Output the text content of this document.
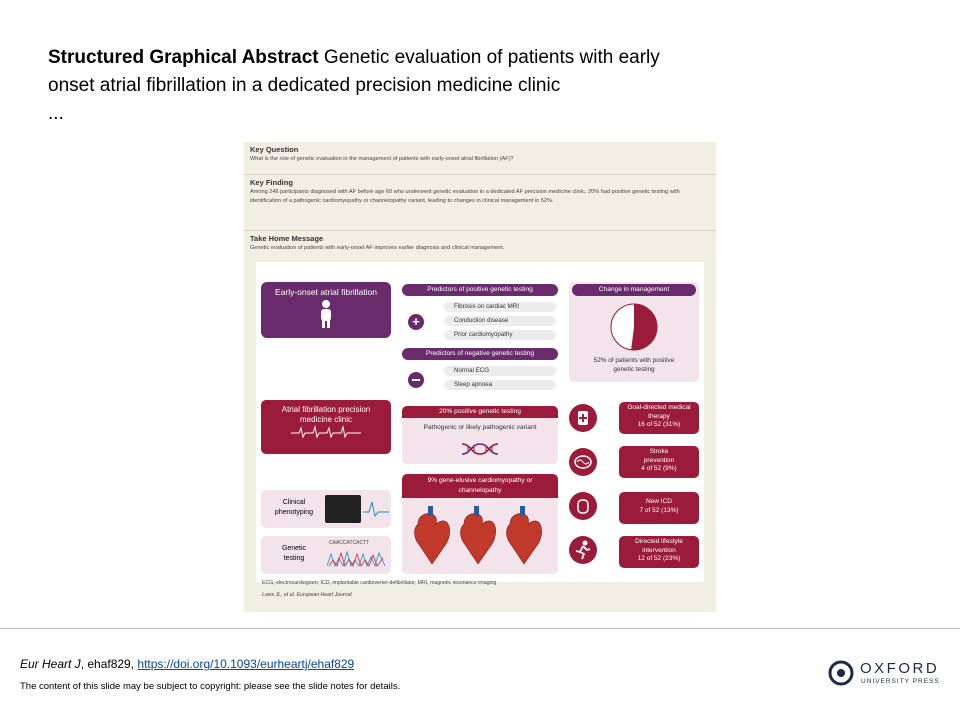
Structured Graphical Abstract Genetic evaluation of patients with early onset atrial fibrillation in a dedicated precision medicine clinic
...
Key Question

What is the role of genetic evaluation in the management of patients with early-onset atrial fibrillation (AF)?

Key Finding

Among 246 participants diagnosed with AF before age 60 who underwent genetic evaluation in a dedicated AF precision medicine clinic, 20% had positive genetic testing with identification of a pathogenic cardiomyopathy or channelopathy variant, leading to changes in clinical management in 52%.

Take Home Message

Genetic evaluation of patients with early-onset AF improves earlier diagnosis and clinical management.

Early-onset atrial fibrillation
Atrial fibrillation precision medicine clinic
Clinical phenotyping
Genetic testing
CAACCATCACTT
Predictors of positive genetic testing
+
Fibrosis on cardiac MRI
Conduction disease
Prior cardiomyopathy
Predictors of negative genetic testing
Normal ECG
Sleep apnoea
20% positive genetic testing
Pathogenic or likely pathogenic variant
9% gene-elusive cardiomyopathy or channelopathy
Change in management
52% of patients with positive genetic testing
Goal-directed medical therapy
16 of 52 (31%)
Stroke prevention
4 of 52 (9%)
New ICD
7 of 52 (13%)
Directed lifestyle intervention
12 of 52 (23%)
ECG, electrocardiogram; ICD, implantable cardioverter-defibrillator; MRI, magnetic resonance imaging
Laws JL, et al. European Heart Journal
Eur Heart J, ehaf829, https://doi.org/10.1093/eurheartj/ehaf829
The content of this slide may be subject to copyright: please see the slide notes for details.
OXFORD
UNIVERSITY PRESS
